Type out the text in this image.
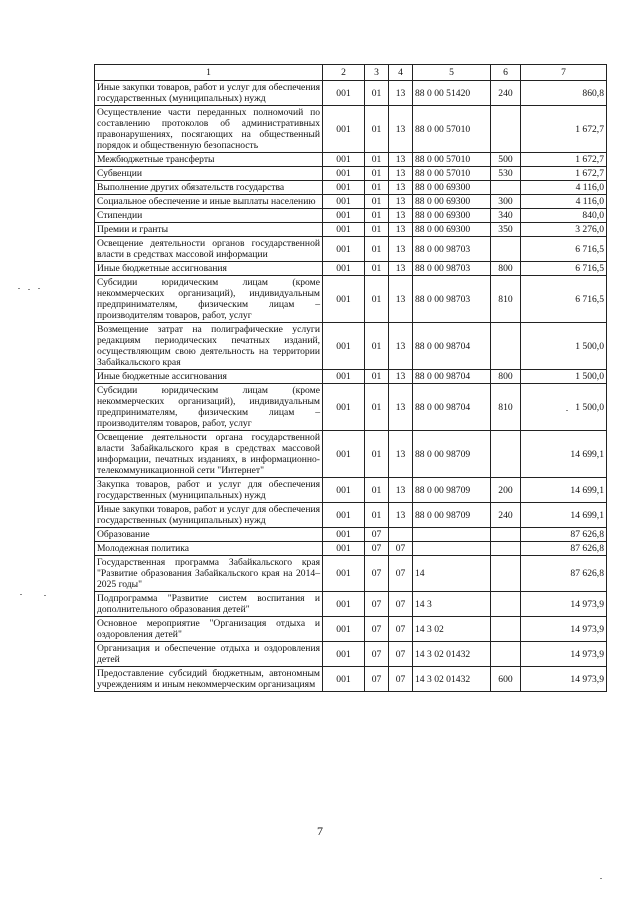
1	2	3	4	5	6	7
Иные закупки товаров, работ и услуг для обеспечения государственных (муниципальных) нужд	001	01	13	88 0 00 51420	240	860,8
Осуществление части переданных полномочий по составлению протоколов об административных правонарушениях, посягающих на общественный порядок и общественную безопасность	001	01	13	88 0 00 57010		1 672,7
Межбюджетные трансферты	001	01	13	88 0 00 57010	500	1 672,7
Субвенции	001	01	13	88 0 00 57010	530	1 672,7
Выполнение других обязательств государства	001	01	13	88 0 00 69300		4 116,0
Социальное обеспечение и иные выплаты населению	001	01	13	88 0 00 69300	300	4 116,0
Стипендии	001	01	13	88 0 00 69300	340	840,0
Премии и гранты	001	01	13	88 0 00 69300	350	3 276,0
Освещение деятельности органов государственной власти в средствах массовой информации	001	01	13	88 0 00 98703		6 716,5
Иные бюджетные ассигнования	001	01	13	88 0 00 98703	800	6 716,5
Субсидии юридическим лицам (кроме некоммерческих организаций), индивидуальным предпринимателям, физическим лицам – производителям товаров, работ, услуг	001	01	13	88 0 00 98703	810	6 716,5
Возмещение затрат на полиграфические услуги редакциям периодических печатных изданий, осуществляющим свою деятельность на территории Забайкальского края	001	01	13	88 0 00 98704		1 500,0
Иные бюджетные ассигнования	001	01	13	88 0 00 98704	800	1 500,0
Субсидии юридическим лицам (кроме некоммерческих организаций), индивидуальным предпринимателям, физическим лицам – производителям товаров, работ, услуг	001	01	13	88 0 00 98704	810	1 500,0
Освещение деятельности органа государственной власти Забайкальского края в средствах массовой информации, печатных изданиях, в информационно-телекоммуникационной сети "Интернет"	001	01	13	88 0 00 98709		14 699,1
Закупка товаров, работ и услуг для обеспечения государственных (муниципальных) нужд	001	01	13	88 0 00 98709	200	14 699,1
Иные закупки товаров, работ и услуг для обеспечения государственных (муниципальных) нужд	001	01	13	88 0 00 98709	240	14 699,1
Образование	001	07				87 626,8
Молодежная политика	001	07	07			87 626,8
Государственная программа Забайкальского края "Развитие образования Забайкальского края на 2014–2025 годы"	001	07	07	14		87 626,8
Подпрограмма "Развитие систем воспитания и дополнительного образования детей"	001	07	07	14 3		14 973,9
Основное мероприятие "Организация отдыха и оздоровления детей"	001	07	07	14 3 02		14 973,9
Организация и обеспечение отдыха и оздоровления детей	001	07	07	14 3 02 01432		14 973,9
Предоставление субсидий бюджетным, автономным учреждениям и иным некоммерческим организациям	001	07	07	14 3 02 01432	600	14 973,9
7
